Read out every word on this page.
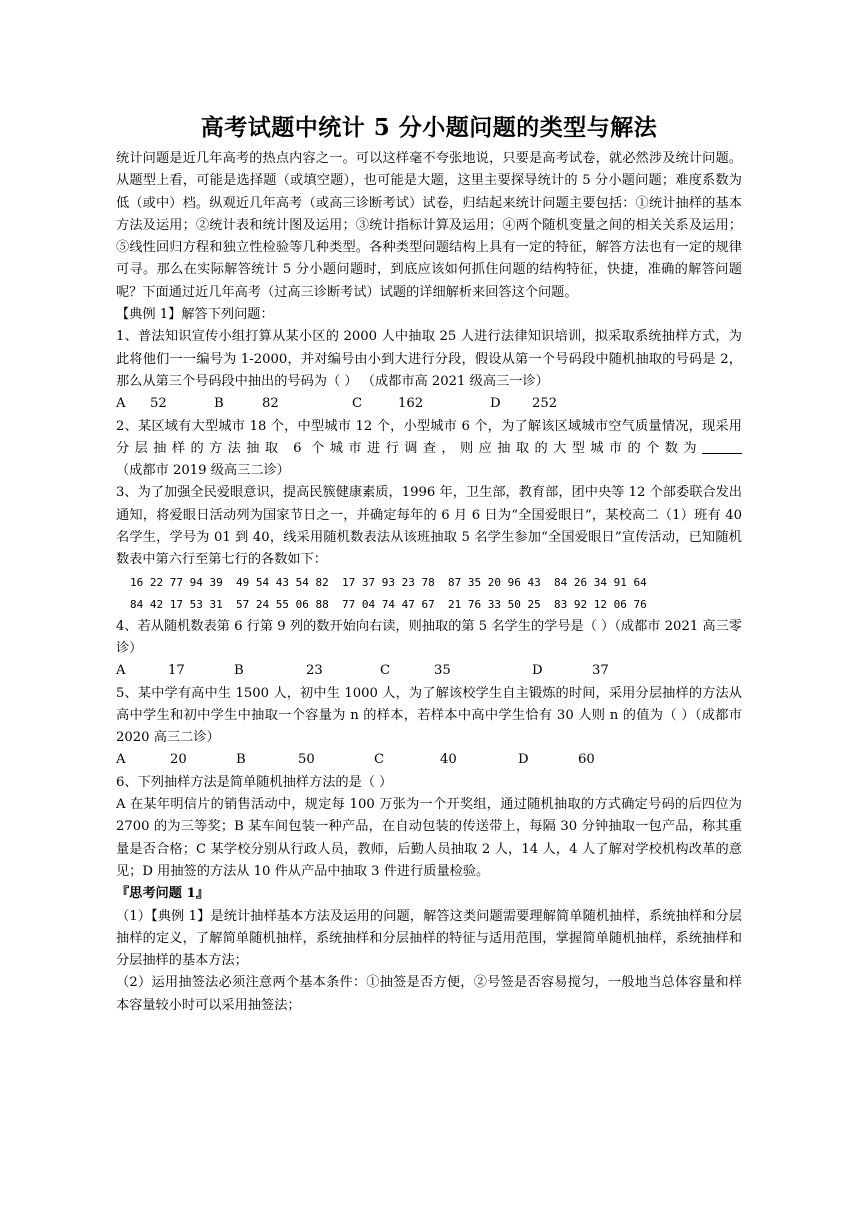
高考试题中统计 5 分小题问题的类型与解法

统计问题是近几年高考的热点内容之一。可以这样毫不夸张地说，只要是高考试卷，就必然涉及统计问题。从题型上看，可能是选择题（或填空题），也可能是大题，这里主要探导统计的 5 分小题问题；难度系数为低（或中）档。纵观近几年高考（或高三诊断考试）试卷，归结起来统计问题主要包括：①统计抽样的基本方法及运用；②统计表和统计图及运用；③统计指标计算及运用；④两个随机变量之间的相关关系及运用；⑤线性回归方程和独立性检验等几种类型。各种类型问题结构上具有一定的特征，解答方法也有一定的规律可寻。那么在实际解答统计 5 分小题问题时，到底应该如何抓住问题的结构特征，快捷，准确的解答问题呢？下面通过近几年高考（过高三诊断考试）试题的详细解析来回答这个问题。

【典例 1】解答下列问题：

1、普法知识宣传小组打算从某小区的 2000 人中抽取 25 人进行法律知识培训，拟采取系统抽样方式，为此将他们一一编号为 1-2000，并对编号由小到大进行分段，假设从第一个号码段中随机抽取的号码是 2，那么从第三个号码段中抽出的号码为（ ） （成都市高 2021 级高三一诊）

A	52	B	82	C	162	D	252

2、某区域有大型城市 18 个，中型城市 12 个，小型城市 6 个，为了解该区域城市空气质量情况，现采用分层抽样的方法抽取 6 个城市进行调查，则应抽取的大型城市的个数为（成都市 2019 级高三二诊）

3、为了加强全民爱眼意识，提高民簇健康素质，1996 年，卫生部，教育部，团中央等 12 个部委联合发出通知，将爱眼日活动列为国家节日之一，并确定每年的 6 月 6 日为“全国爱眼日”，某校高二（1）班有 40 名学生，学号为 01 到 40，线采用随机数表法从该班抽取 5 名学生参加“全国爱眼日”宣传活动，已知随机数表中第六行至第七行的各数如下：

16 22 77 94 39	49 54 43 54 82	17 37 93 23 78	87 35 20 96 43	84 26 34 91 64
84 42 17 53 31	57 24 55 06 88	77 04 74 47 67	21 76 33 50 25	83 92 12 06 76

4、若从随机数表第 6 行第 9 列的数开始向右读，则抽取的第 5 名学生的学号是（ ）（成都市 2021 高三零诊）

A	17	B	23	C	35	D	37

5、某中学有高中生 1500 人，初中生 1000 人，为了解该校学生自主锻炼的时间，采用分层抽样的方法从高中学生和初中学生中抽取一个容量为 n 的样本，若样本中高中学生恰有 30 人则 n 的值为（ ）（成都市 2020 高三二诊）

A	20	B	50	C	40	D	60

6、下列抽样方法是简单随机抽样方法的是（ ）

A 在某年明信片的销售活动中，规定每 100 万张为一个开奖组，通过随机抽取的方式确定号码的后四位为 2700 的为三等奖；B 某车间包装一种产品，在自动包装的传送带上，每隔 30 分钟抽取一包产品，称其重量是否合格；C 某学校分别从行政人员，教师，后勤人员抽取 2 人，14 人，4 人了解对学校机构改革的意见；D 用抽签的方法从 10 件从产品中抽取 3 件进行质量检验。

『思考问题 1』

（1）【典例 1】是统计抽样基本方法及运用的问题，解答这类问题需要理解简单随机抽样，系统抽样和分层抽样的定义，了解简单随机抽样，系统抽样和分层抽样的特征与适用范围，掌握简单随机抽样，系统抽样和分层抽样的基本方法；

（2）运用抽签法必须注意两个基本条件：①抽签是否方便，②号签是否容易搅匀，一般地当总体容量和样本容量较小时可以采用抽签法；
